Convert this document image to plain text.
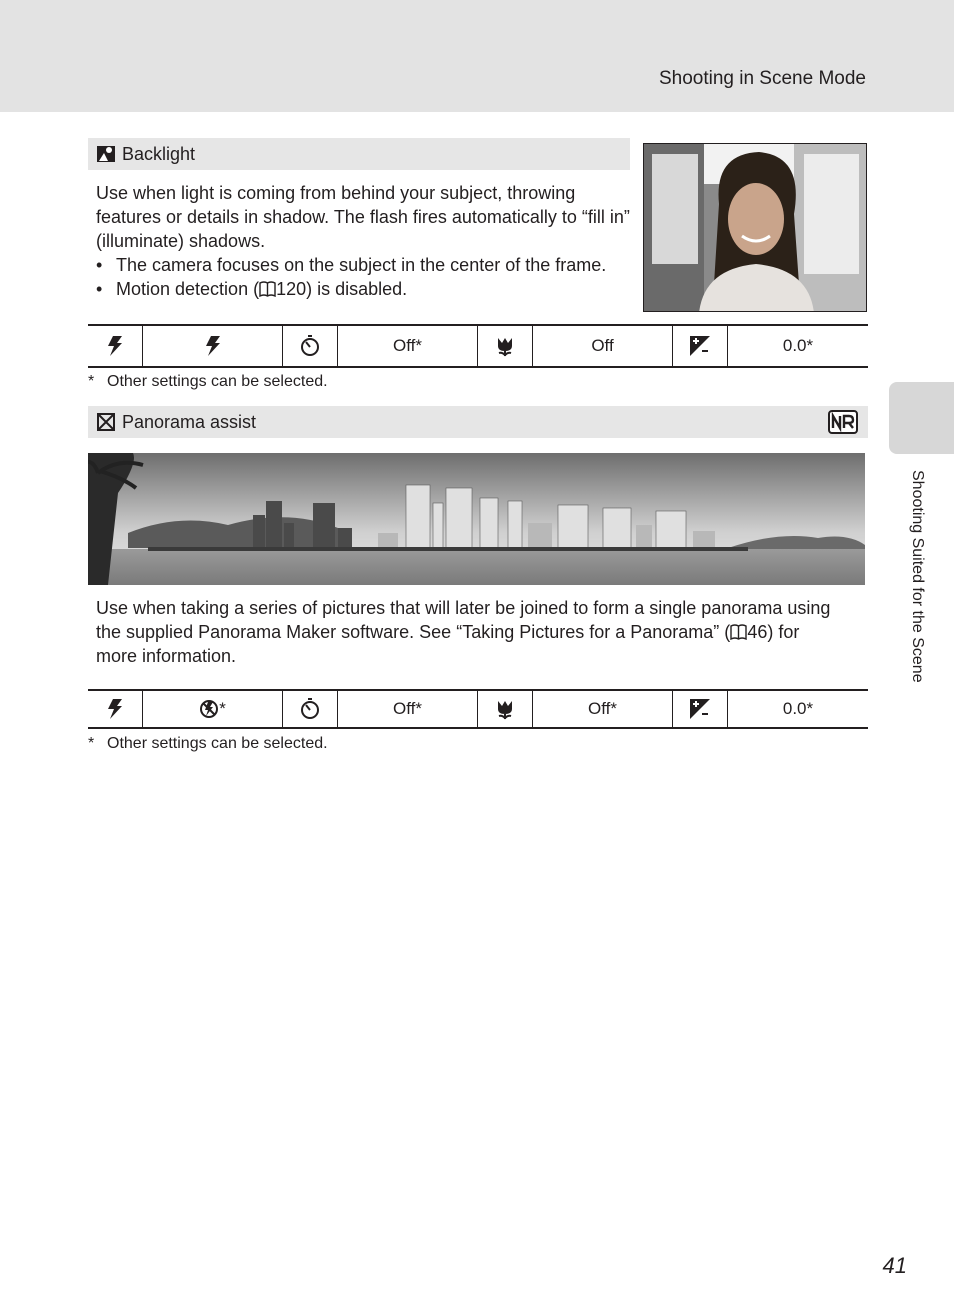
Shooting in Scene Mode
Shooting Suited for the Scene
Backlight
Use when light is coming from behind your subject, throwing features or details in shadow. The flash fires automatically to “fill in” (illuminate) shadows.
• The camera focuses on the subject in the center of the frame.
• Motion detection ( 120) is disabled.
Off*	Off	0.0*
* Other settings can be selected.
Panorama assist
Use when taking a series of pictures that will later be joined to form a single panorama using
the supplied Panorama Maker software. See “Taking Pictures for a Panorama” ( 46) for
more information.
*	Off*	Off*	0.0*
* Other settings can be selected.
41
